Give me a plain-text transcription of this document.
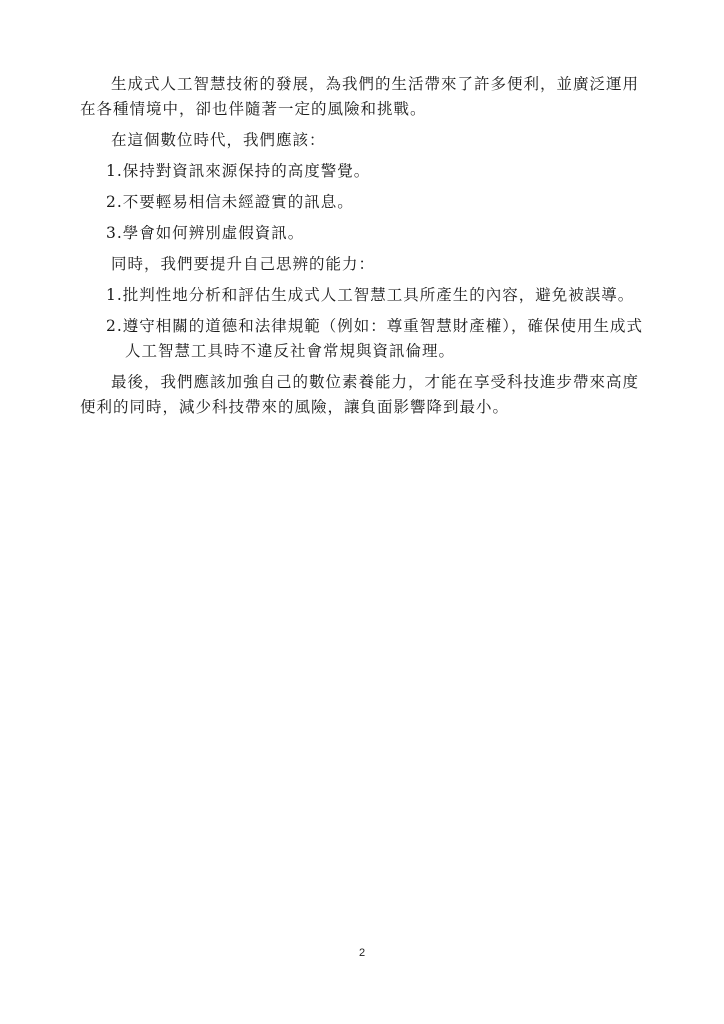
生成式人工智慧技術的發展，為我們的生活帶來了許多便利，並廣泛運用在各種情境中，卻也伴隨著一定的風險和挑戰。

在這個數位時代，我們應該：

1.保持對資訊來源保持的高度警覺。

2.不要輕易相信未經證實的訊息。

3.學會如何辨別虛假資訊。

同時，我們要提升自己思辨的能力：

1.批判性地分析和評估生成式人工智慧工具所產生的內容，避免被誤導。

2.遵守相關的道德和法律規範（例如：尊重智慧財產權），確保使用生成式人工智慧工具時不違反社會常規與資訊倫理。

最後，我們應該加強自己的數位素養能力，才能在享受科技進步帶來高度便利的同時，減少科技帶來的風險，讓負面影響降到最小。

2
